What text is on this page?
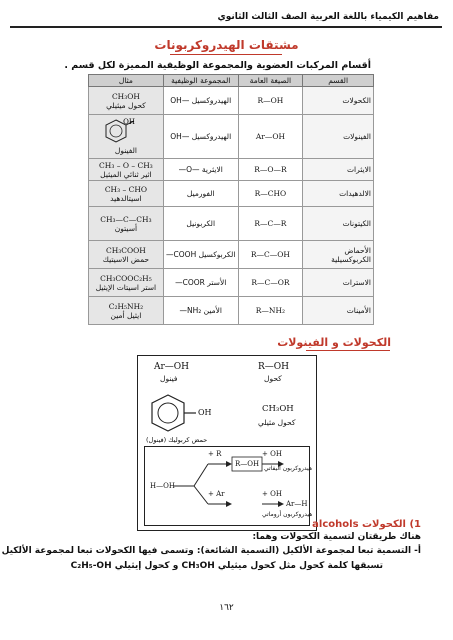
مفاهيم الكيمياء باللغة العربية الصف الثالث الثانوي
مشتقات الهيدروكربونات
أقسام المركبات العضوية والمجموعة الوظيفية المميزة لكل قسم .
القسم	الصيغة العامة	المجموعة الوظيفية	مثال
الكحولات	R—OH	الهيدروكسيل —OH	CH₃OH
كحول ميثيلي

الفينولات	Ar—OH	الهيدروكسيل —OH	OH
الفينول

الايثرات	R—O—R	الايثرية —O—	CH₃ – O – CH₃
اثير ثنائي الميثيل

الالدهيدات	R—CHO	الفورميل	CH₃ – CHO
اسيتالدهيد

الكيتونات	R—C—R	الكربونيل	CH₃—C—CH₃
أسيتون

الأحماض الكربوكسيلية	R—C—OH	الكربوكسيل COOH—	CH₃COOH
حمض الاسيتيك

الاسترات	R—C—OR	الأستر COOR—	CH₃COOC₂H₅
استر اسيتات الإيثيل

الأمينات	R—NH₂	الأمين NH₂—	C₂H₅NH₂
ايثيل أمين
الكحولات و الفينولات
Ar—OH
فينول
R—OH
كحول
OH
حمض كربوليك (فينول)
CH₃OH
كحول مثيلي
H—OH
+ R
R—OH
+ OH
هيدروكربون أليفاتي
+ Ar	+ OH
Ar—H
هيدروكربون أروماتي
1) الكحولات alcohols
هناك طريقتان لتسمية الكحولات وهما:
أ- التسمية تبعا لمجموعة الألكيل (التسمية الشائعة): وتسمى فيها الكحولات تبعا لمجموعة الألكيل
تسبقها كلمة كحول مثل كحول ميثيلي CH₃OH و كحول إيثيلي C₂H₅-OH
١٦٢
